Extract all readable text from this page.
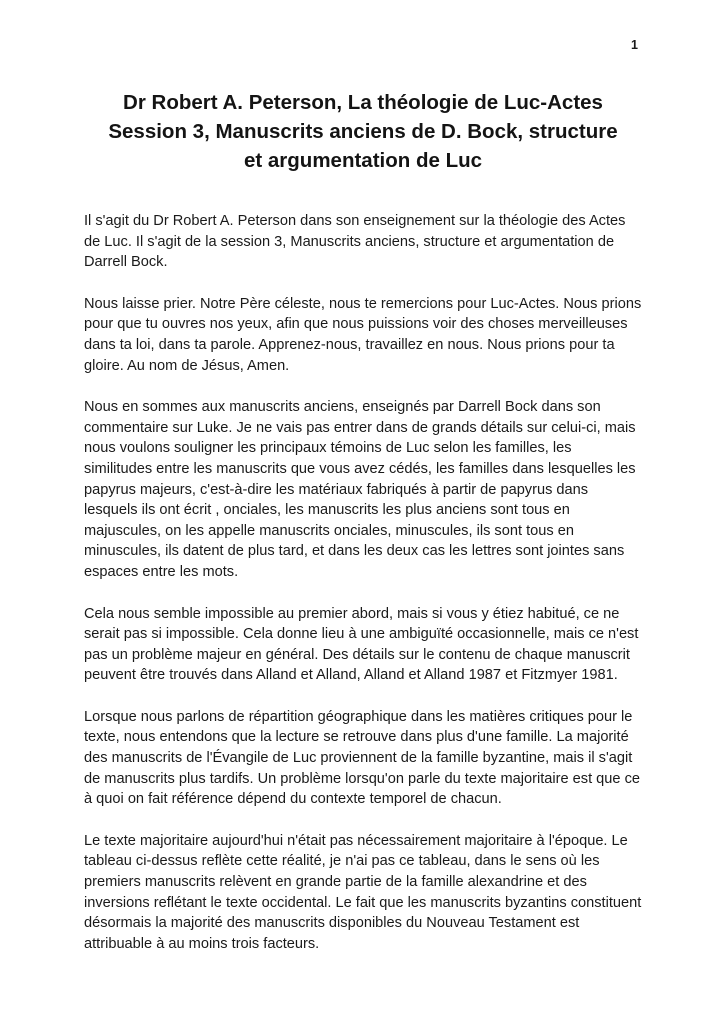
1
Dr Robert A. Peterson, La théologie de Luc-Actes
Session 3, Manuscrits anciens de D. Bock, structure
et argumentation de Luc

Il s'agit du Dr Robert A. Peterson dans son enseignement sur la théologie des Actes de Luc. Il s'agit de la session 3, Manuscrits anciens, structure et argumentation de Darrell Bock.

Nous laisse prier. Notre Père céleste, nous te remercions pour Luc-Actes. Nous prions pour que tu ouvres nos yeux, afin que nous puissions voir des choses merveilleuses dans ta loi, dans ta parole. Apprenez-nous, travaillez en nous. Nous prions pour ta gloire. Au nom de Jésus, Amen.

Nous en sommes aux manuscrits anciens, enseignés par Darrell Bock dans son commentaire sur Luke. Je ne vais pas entrer dans de grands détails sur celui-ci, mais nous voulons souligner les principaux témoins de Luc selon les familles, les similitudes entre les manuscrits que vous avez cédés, les familles dans lesquelles les papyrus majeurs, c'est-à-dire les matériaux fabriqués à partir de papyrus dans lesquels ils ont écrit , onciales, les manuscrits les plus anciens sont tous en majuscules, on les appelle manuscrits onciales, minuscules, ils sont tous en minuscules, ils datent de plus tard, et dans les deux cas les lettres sont jointes sans espaces entre les mots.

Cela nous semble impossible au premier abord, mais si vous y étiez habitué, ce ne serait pas si impossible. Cela donne lieu à une ambiguïté occasionnelle, mais ce n'est pas un problème majeur en général. Des détails sur le contenu de chaque manuscrit peuvent être trouvés dans Alland et Alland, Alland et Alland 1987 et Fitzmyer 1981.

Lorsque nous parlons de répartition géographique dans les matières critiques pour le texte, nous entendons que la lecture se retrouve dans plus d'une famille. La majorité des manuscrits de l'Évangile de Luc proviennent de la famille byzantine, mais il s'agit de manuscrits plus tardifs. Un problème lorsqu'on parle du texte majoritaire est que ce à quoi on fait référence dépend du contexte temporel de chacun.

Le texte majoritaire aujourd'hui n'était pas nécessairement majoritaire à l'époque. Le tableau ci-dessus reflète cette réalité, je n'ai pas ce tableau, dans le sens où les premiers manuscrits relèvent en grande partie de la famille alexandrine et des inversions reflétant le texte occidental. Le fait que les manuscrits byzantins constituent désormais la majorité des manuscrits disponibles du Nouveau Testament est attribuable à au moins trois facteurs.
